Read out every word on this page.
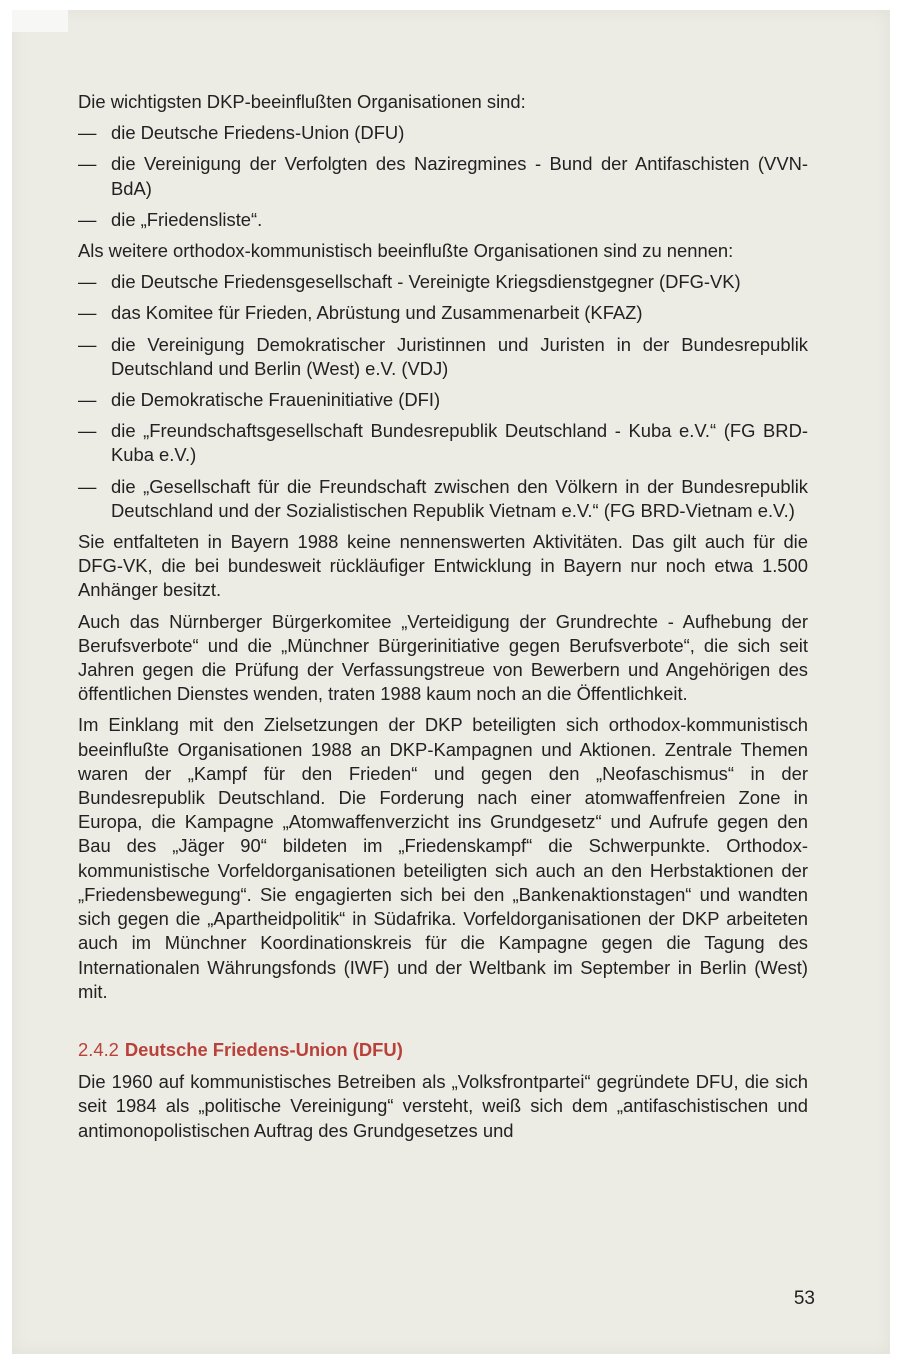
Die wichtigsten DKP-beeinflußten Organisationen sind:

— die Deutsche Friedens-Union (DFU)
— die Vereinigung der Verfolgten des Naziregmines - Bund der Antifaschisten (VVN-BdA)
— die „Friedensliste“.

Als weitere orthodox-kommunistisch beeinflußte Organisationen sind zu nennen:

— die Deutsche Friedensgesellschaft - Vereinigte Kriegsdienstgegner (DFG-VK)
— das Komitee für Frieden, Abrüstung und Zusammenarbeit (KFAZ)
— die Vereinigung Demokratischer Juristinnen und Juristen in der Bundesrepublik Deutschland und Berlin (West) e.V. (VDJ)
— die Demokratische Fraueninitiative (DFI)
— die „Freundschaftsgesellschaft Bundesrepublik Deutschland - Kuba e.V.“ (FG BRD-Kuba e.V.)
— die „Gesellschaft für die Freundschaft zwischen den Völkern in der Bundesrepublik Deutschland und der Sozialistischen Republik Vietnam e.V.“ (FG BRD-Vietnam e.V.)

Sie entfalteten in Bayern 1988 keine nennenswerten Aktivitäten. Das gilt auch für die DFG-VK, die bei bundesweit rückläufiger Entwicklung in Bayern nur noch etwa 1.500 Anhänger besitzt.

Auch das Nürnberger Bürgerkomitee „Verteidigung der Grundrechte - Aufhebung der Berufsverbote“ und die „Münchner Bürgerinitiative gegen Berufsverbote“, die sich seit Jahren gegen die Prüfung der Verfassungstreue von Bewerbern und Angehörigen des öffentlichen Dienstes wenden, traten 1988 kaum noch an die Öffentlichkeit.

Im Einklang mit den Zielsetzungen der DKP beteiligten sich orthodox-kommunistisch beeinflußte Organisationen 1988 an DKP-Kampagnen und Aktionen. Zentrale Themen waren der „Kampf für den Frieden“ und gegen den „Neofaschismus“ in der Bundesrepublik Deutschland. Die Forderung nach einer atomwaffenfreien Zone in Europa, die Kampagne „Atomwaffenverzicht ins Grundgesetz“ und Aufrufe gegen den Bau des „Jäger 90“ bildeten im „Friedenskampf“ die Schwerpunkte. Orthodox-kommunistische Vorfeldorganisationen beteiligten sich auch an den Herbstaktionen der „Friedensbewegung“. Sie engagierten sich bei den „Bankenaktionstagen“ und wandten sich gegen die „Apartheidpolitik“ in Südafrika. Vorfeldorganisationen der DKP arbeiteten auch im Münchner Koordinationskreis für die Kampagne gegen die Tagung des Internationalen Währungsfonds (IWF) und der Weltbank im September in Berlin (West) mit.

2.4.2 Deutsche Friedens-Union (DFU)

Die 1960 auf kommunistisches Betreiben als „Volksfrontpartei“ gegründete DFU, die sich seit 1984 als „politische Vereinigung“ versteht, weiß sich dem „antifaschistischen und antimonopolistischen Auftrag des Grundgesetzes und

53
